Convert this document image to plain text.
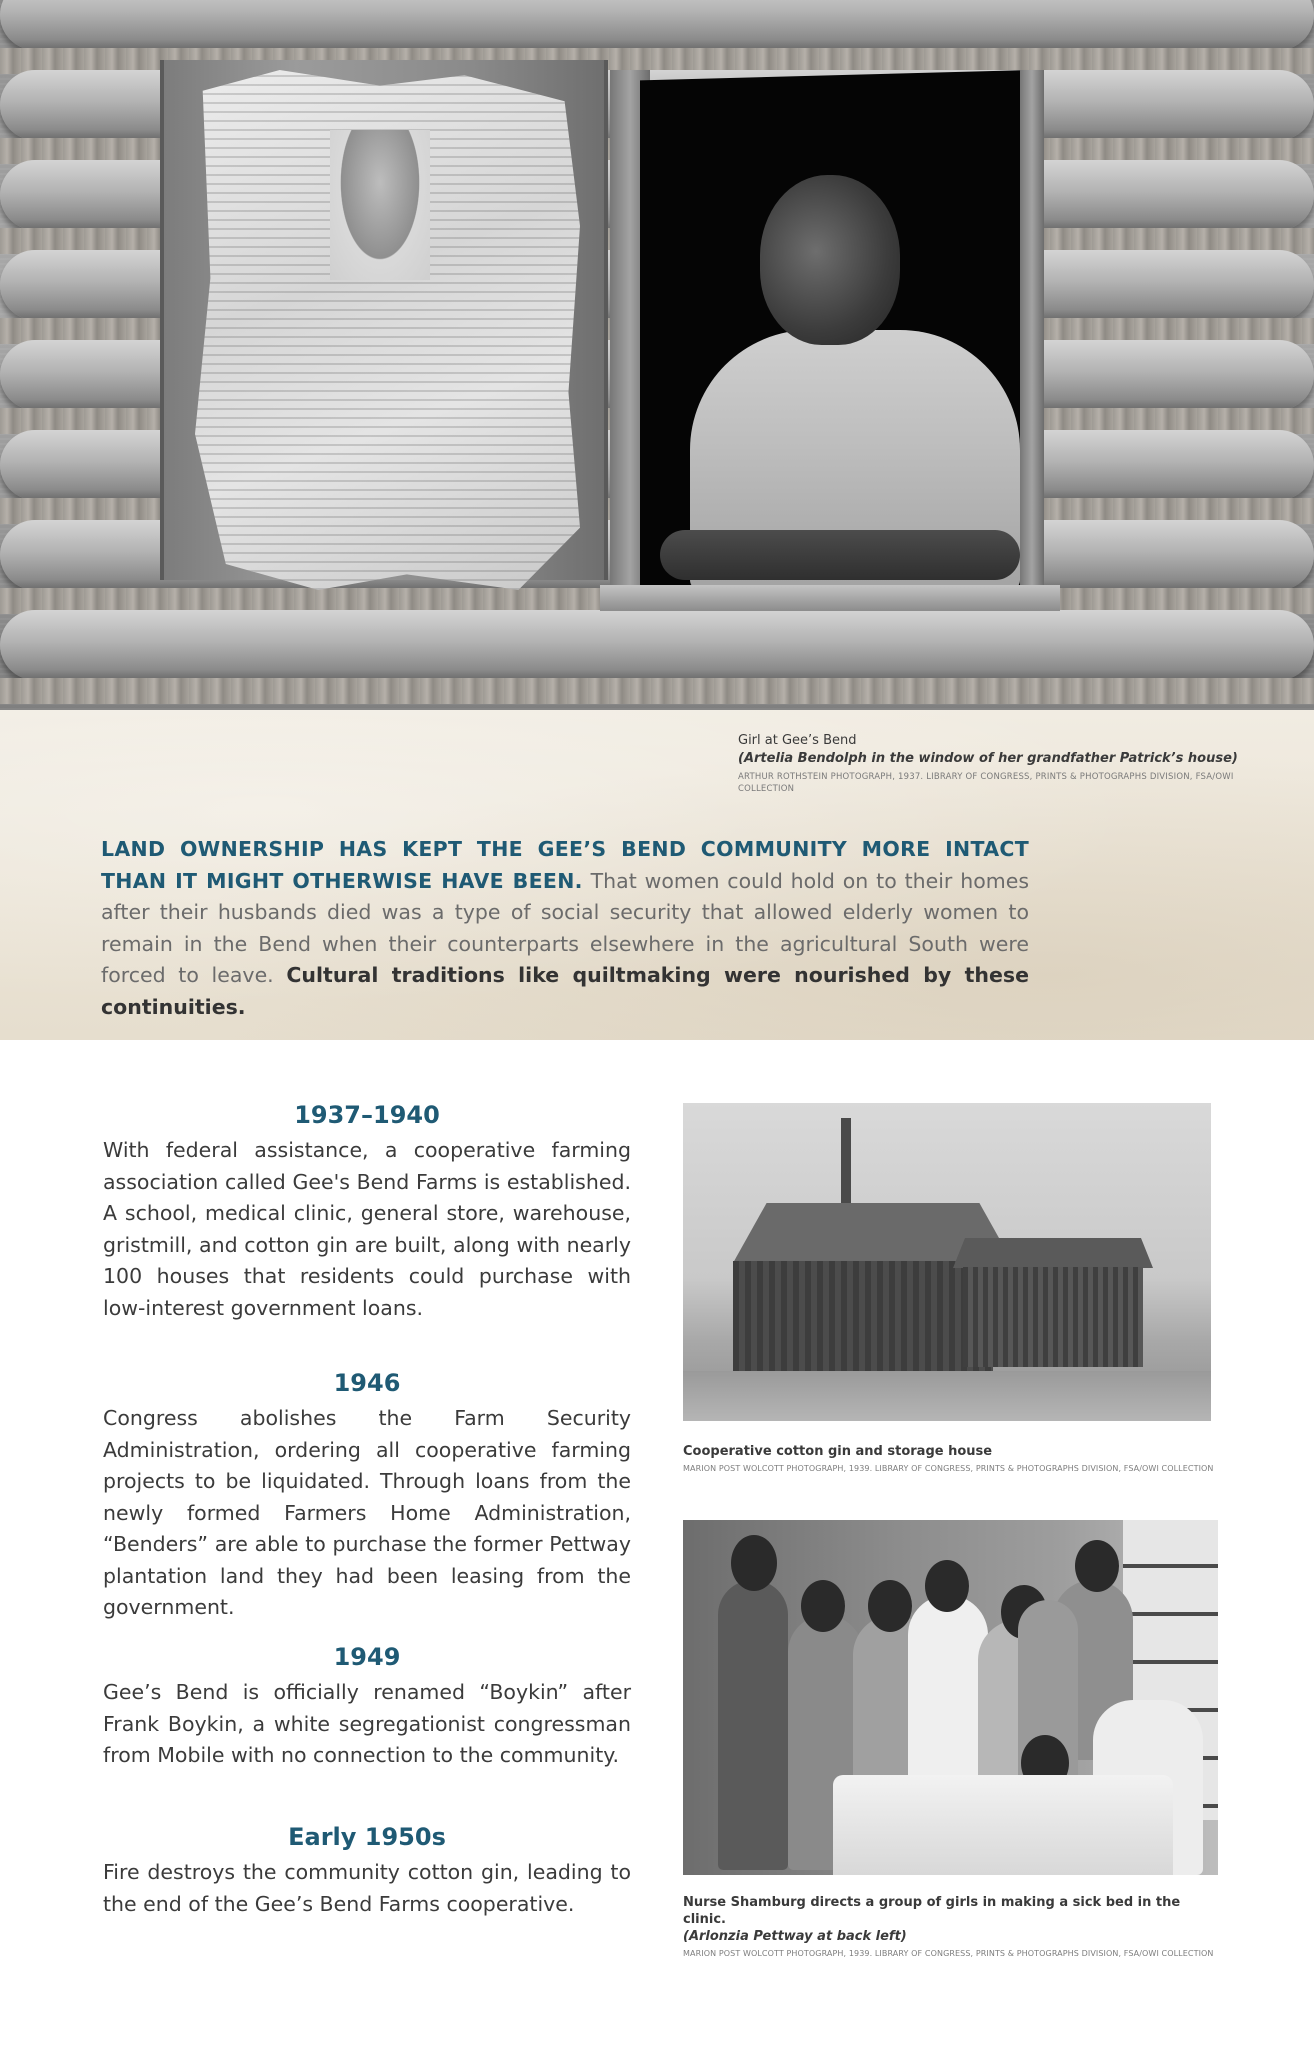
Girl at Gee’s Bend
(Artelia Bendolph in the window of her grandfather Patrick’s house)
ARTHUR ROTHSTEIN PHOTOGRAPH, 1937. LIBRARY OF CONGRESS, PRINTS & PHOTOGRAPHS DIVISION, FSA/OWI COLLECTION

LAND OWNERSHIP HAS KEPT THE GEE’S BEND COMMUNITY MORE INTACT THAN IT MIGHT OTHERWISE HAVE BEEN. That women could hold on to their homes after their husbands died was a type of social security that allowed elderly women to remain in the Bend when their counterparts elsewhere in the agricultural South were forced to leave. Cultural traditions like quiltmaking were nourished by these continuities.

1937–1940
With federal assistance, a cooperative farming association called Gee's Bend Farms is established. A school, medical clinic, general store, warehouse, gristmill, and cotton gin are built, along with nearly 100 houses that residents could purchase with low-interest government loans.
1946
Congress abolishes the Farm Security Administration, ordering all cooperative farming projects to be liquidated. Through loans from the newly formed Farmers Home Administration, “Benders” are able to purchase the former Pettway plantation land they had been leasing from the government.
1949
Gee’s Bend is officially renamed “Boykin” after Frank Boykin, a white segregationist congressman from Mobile with no connection to the community.
Early 1950s
Fire destroys the community cotton gin, leading to the end of the Gee’s Bend Farms cooperative.
Cooperative cotton gin and storage house
MARION POST WOLCOTT PHOTOGRAPH, 1939. LIBRARY OF CONGRESS, PRINTS & PHOTOGRAPHS DIVISION, FSA/OWI COLLECTION
Nurse Shamburg directs a group of girls in making a sick bed in the clinic.
(Arlonzia Pettway at back left)
MARION POST WOLCOTT PHOTOGRAPH, 1939. LIBRARY OF CONGRESS, PRINTS & PHOTOGRAPHS DIVISION, FSA/OWI COLLECTION
